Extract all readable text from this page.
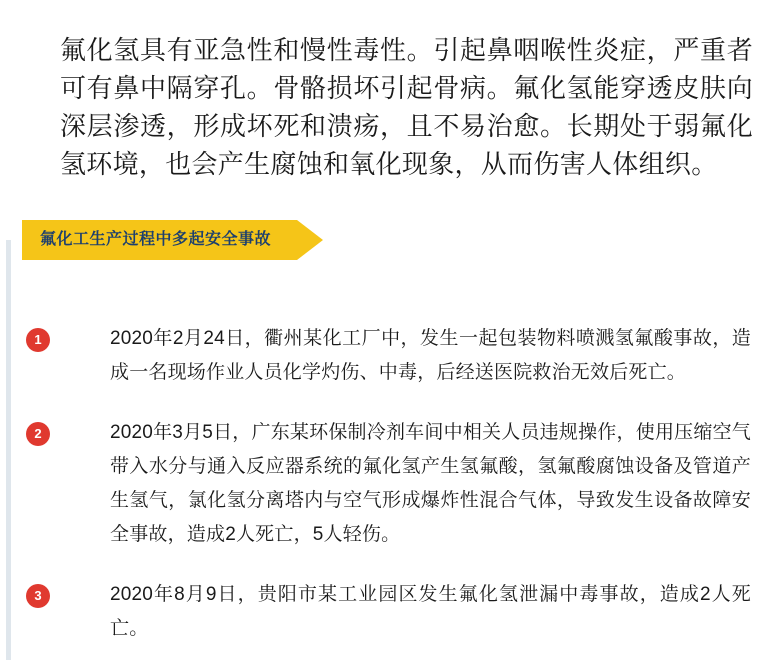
氟化氢具有亚急性和慢性毒性。引起鼻咽喉性炎症，严重者可有鼻中隔穿孔。骨骼损坏引起骨病。氟化氢能穿透皮肤向深层渗透，形成坏死和溃疡，且不易治愈。长期处于弱氟化氢环境，也会产生腐蚀和氧化现象，从而伤害人体组织。

氟化工生产过程中多起安全事故
1	2020年2月24日，衢州某化工厂中，发生一起包装物料喷溅氢氟酸事故，造成一名现场作业人员化学灼伤、中毒，后经送医院救治无效后死亡。
2	2020年3月5日，广东某环保制冷剂车间中相关人员违规操作，使用压缩空气带入水分与通入反应器系统的氟化氢产生氢氟酸，氢氟酸腐蚀设备及管道产生氢气，氯化氢分离塔内与空气形成爆炸性混合气体，导致发生设备故障安全事故，造成2人死亡，5人轻伤。
3	2020年8月9日，贵阳市某工业园区发生氟化氢泄漏中毒事故，造成2人死亡。
